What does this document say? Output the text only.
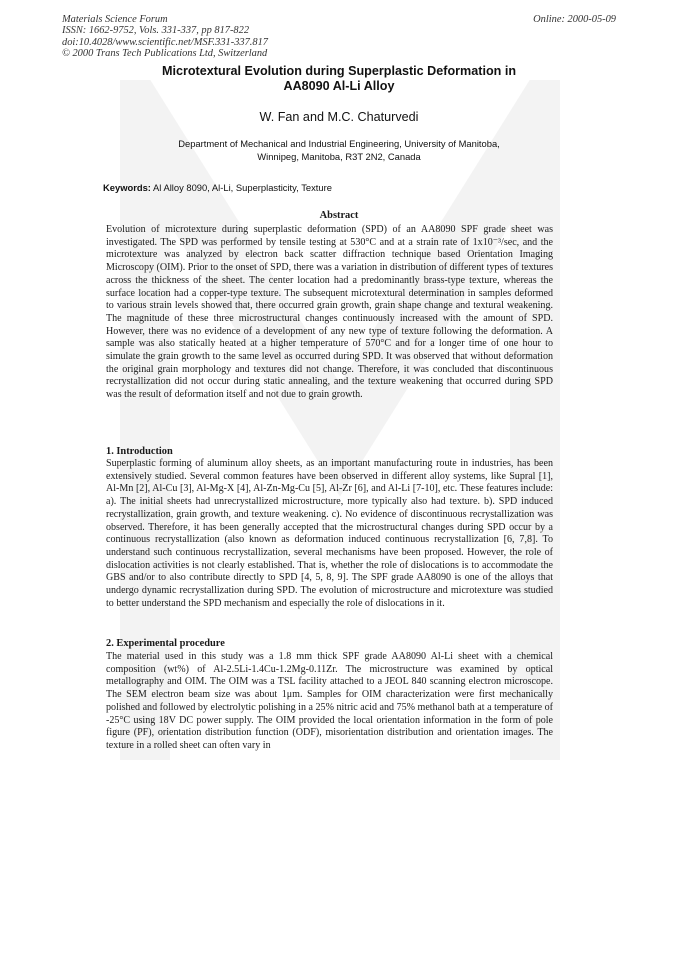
Materials Science Forum
ISSN: 1662-9752, Vols. 331-337, pp 817-822
doi:10.4028/www.scientific.net/MSF.331-337.817
© 2000 Trans Tech Publications Ltd, Switzerland
Online: 2000-05-09
Microtextural Evolution during Superplastic Deformation in
AA8090 Al-Li Alloy
W. Fan and M.C. Chaturvedi
Department of Mechanical and Industrial Engineering, University of Manitoba,
Winnipeg, Manitoba, R3T 2N2, Canada
Keywords: Al Alloy 8090, Al-Li, Superplasticity, Texture
Abstract

Evolution of microtexture during superplastic deformation (SPD) of an AA8090 SPF grade sheet was investigated. The SPD was performed by tensile testing at 530°C and at a strain rate of 1x10⁻³/sec, and the microtexture was analyzed by electron back scatter diffraction technique based Orientation Imaging Microscopy (OIM). Prior to the onset of SPD, there was a variation in distribution of different types of textures across the thickness of the sheet. The center location had a predominantly brass-type texture, whereas the surface location had a copper-type texture. The subsequent microtextural determination in samples deformed to various strain levels showed that, there occurred grain growth, grain shape change and textural weakening. The magnitude of these three microstructural changes continuously increased with the amount of SPD. However, there was no evidence of a development of any new type of texture following the deformation. A sample was also statically heated at a higher temperature of 570°C and for a longer time of one hour to simulate the grain growth to the same level as occurred during SPD. It was observed that without deformation the original grain morphology and textures did not change. Therefore, it was concluded that discontinuous recrystallization did not occur during static annealing, and the texture weakening that occurred during SPD was the result of deformation itself and not due to grain growth.

1. Introduction

Superplastic forming of aluminum alloy sheets, as an important manufacturing route in industries, has been extensively studied. Several common features have been observed in different alloy systems, like Supral [1], Al-Mn [2], Al-Cu [3], Al-Mg-X [4], Al-Zn-Mg-Cu [5], Al-Zr [6], and Al-Li [7-10], etc. These features include: a). The initial sheets had unrecrystallized microstructure, more typically also had texture. b). SPD induced recrystallization, grain growth, and texture weakening. c). No evidence of discontinuous recrystallization was observed. Therefore, it has been generally accepted that the microstructural changes during SPD occur by a continuous recrystallization (also known as deformation induced continuous recrystallization [6, 7,8]. To understand such continuous recrystallization, several mechanisms have been proposed. However, the role of dislocation activities is not clearly established. That is, whether the role of dislocations is to accommodate the GBS and/or to also contribute directly to SPD [4, 5, 8, 9]. The SPF grade AA8090 is one of the alloys that undergo dynamic recrystallization during SPD. The evolution of microstructure and microtexture was studied to better understand the SPD mechanism and especially the role of dislocations in it.

2. Experimental procedure

The material used in this study was a 1.8 mm thick SPF grade AA8090 Al-Li sheet with a chemical composition (wt%) of Al-2.5Li-1.4Cu-1.2Mg-0.11Zr. The microstructure was examined by optical metallography and OIM. The OIM was a TSL facility attached to a JEOL 840 scanning electron microscope. The SEM electron beam size was about 1μm. Samples for OIM characterization were first mechanically polished and followed by electrolytic polishing in a 25% nitric acid and 75% methanol bath at a temperature of -25°C using 18V DC power supply. The OIM provided the local orientation information in the form of pole figure (PF), orientation distribution function (ODF), misorientation distribution and orientation images. The texture in a rolled sheet can often vary in
